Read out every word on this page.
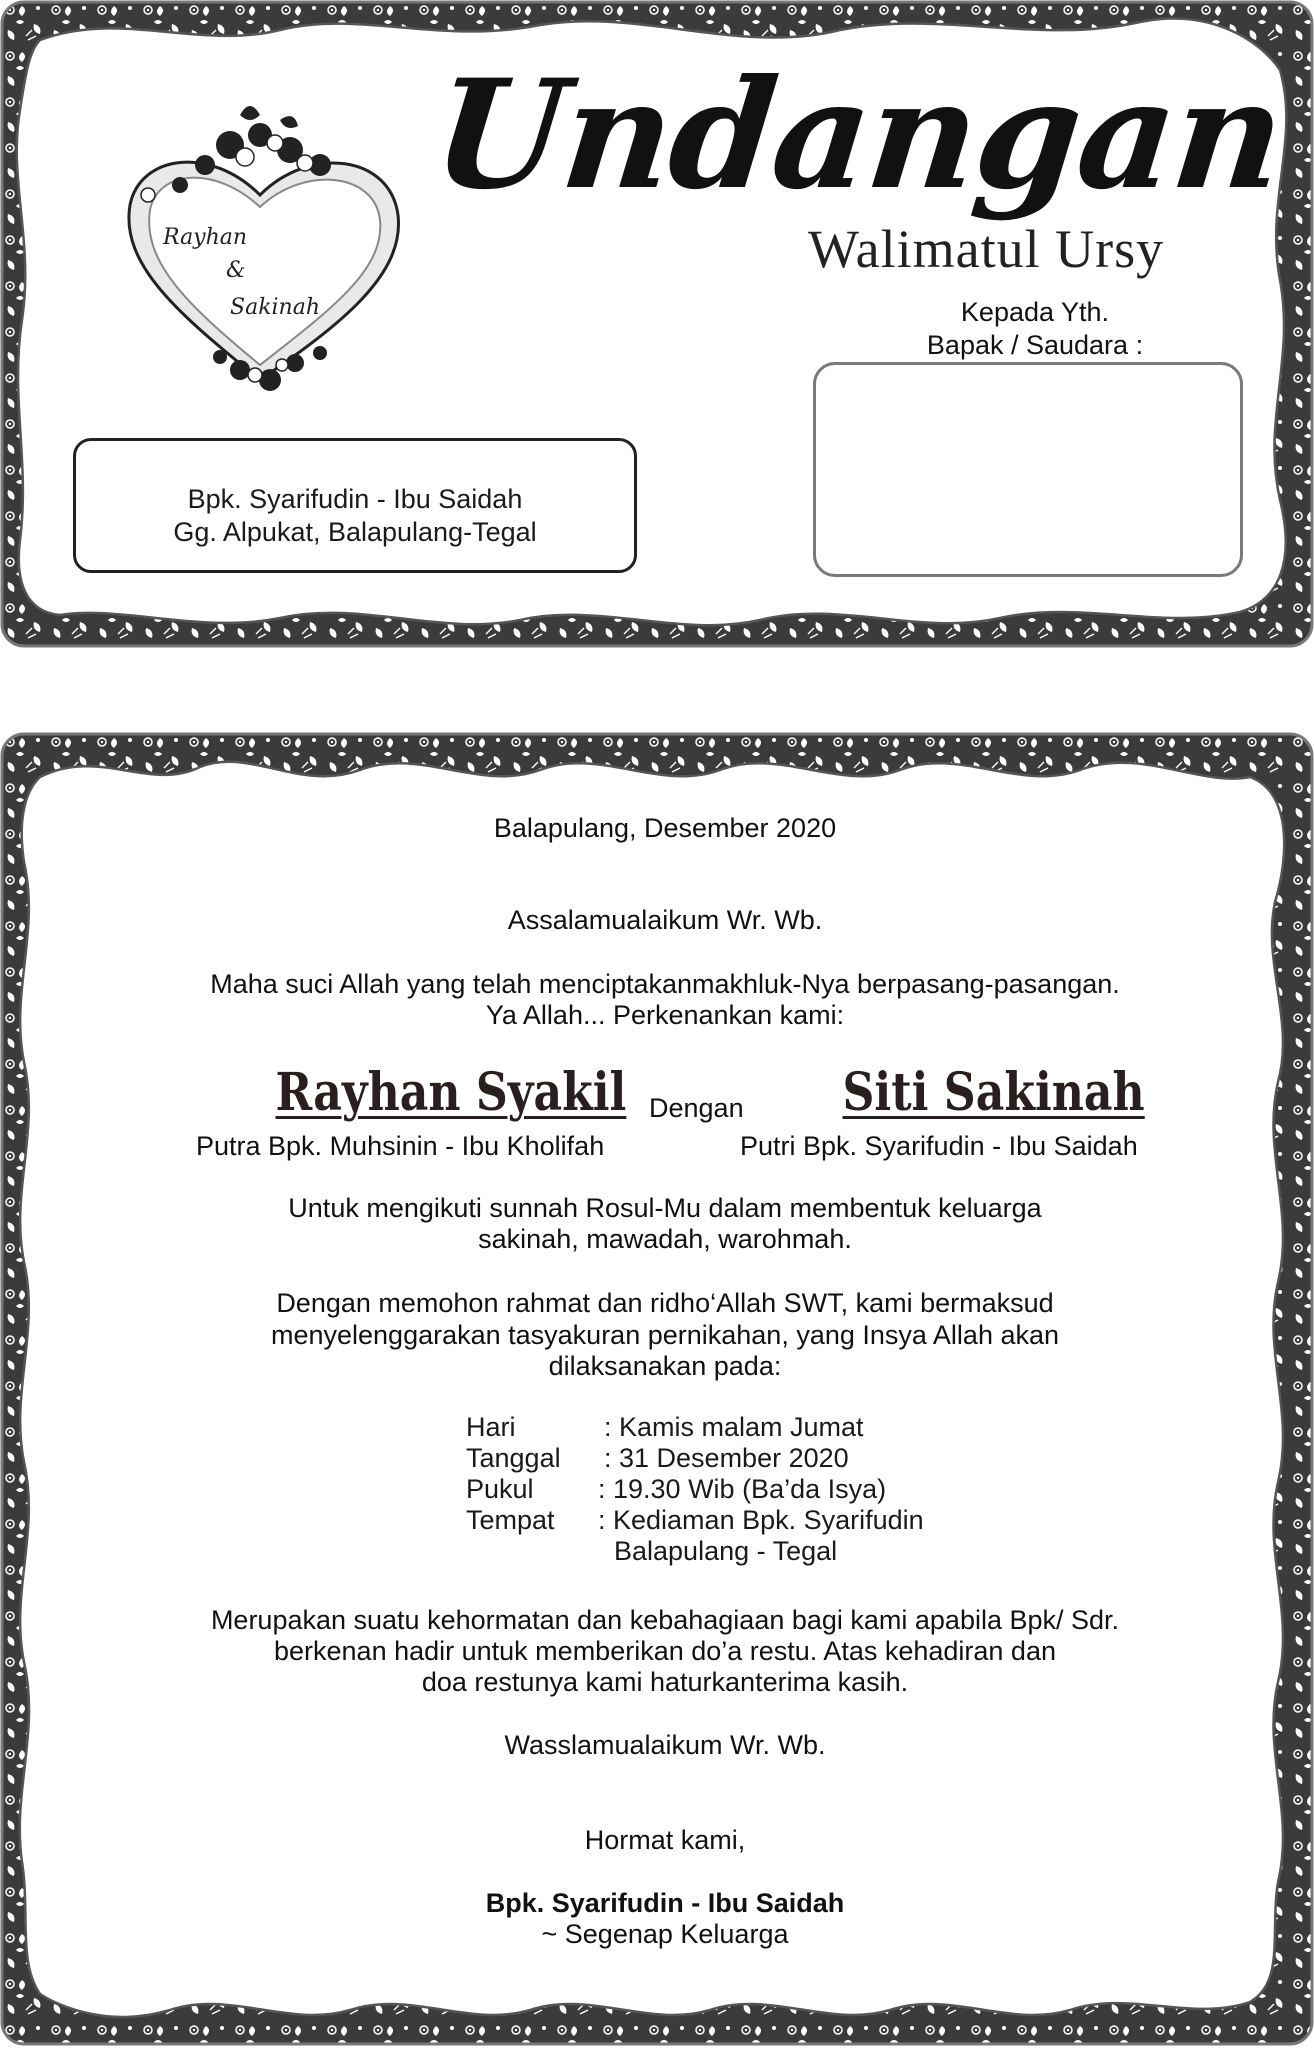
Rayhan
&
Sakinah
Undangan
Walimatul Ursy
Kepada Yth.
Bapak / Saudara :
Bpk. Syarifudin - Ibu Saidah
Gg. Alpukat, Balapulang-Tegal
Balapulang, Desember 2020
Assalamualaikum Wr. Wb.
Maha suci Allah yang telah menciptakanmakhluk-Nya berpasang-pasangan.
Ya Allah... Perkenankan kami:
Rayhan Syakil Dengan Siti Sakinah
Putra Bpk. Muhsinin - Ibu Kholifah	Putri Bpk. Syarifudin - Ibu Saidah
Untuk mengikuti sunnah Rosul-Mu dalam membentuk keluarga
sakinah, mawadah, warohmah.
Dengan memohon rahmat dan ridho‘Allah SWT, kami bermaksud
menyelenggarakan tasyakuran pernikahan, yang Insya Allah akan
dilaksanakan pada:
Hari	: Kamis malam Jumat
Tanggal : 31 Desember 2020
Pukul : 19.30 Wib (Ba’da Isya)
Tempat : Kediaman Bpk. Syarifudin
Balapulang - Tegal
Merupakan suatu kehormatan dan kebahagiaan bagi kami apabila Bpk/ Sdr.
berkenan hadir untuk memberikan do’a restu. Atas kehadiran dan
doa restunya kami haturkanterima kasih.
Wasslamualaikum Wr. Wb.
Hormat kami,
Bpk. Syarifudin - Ibu Saidah
~ Segenap Keluarga
